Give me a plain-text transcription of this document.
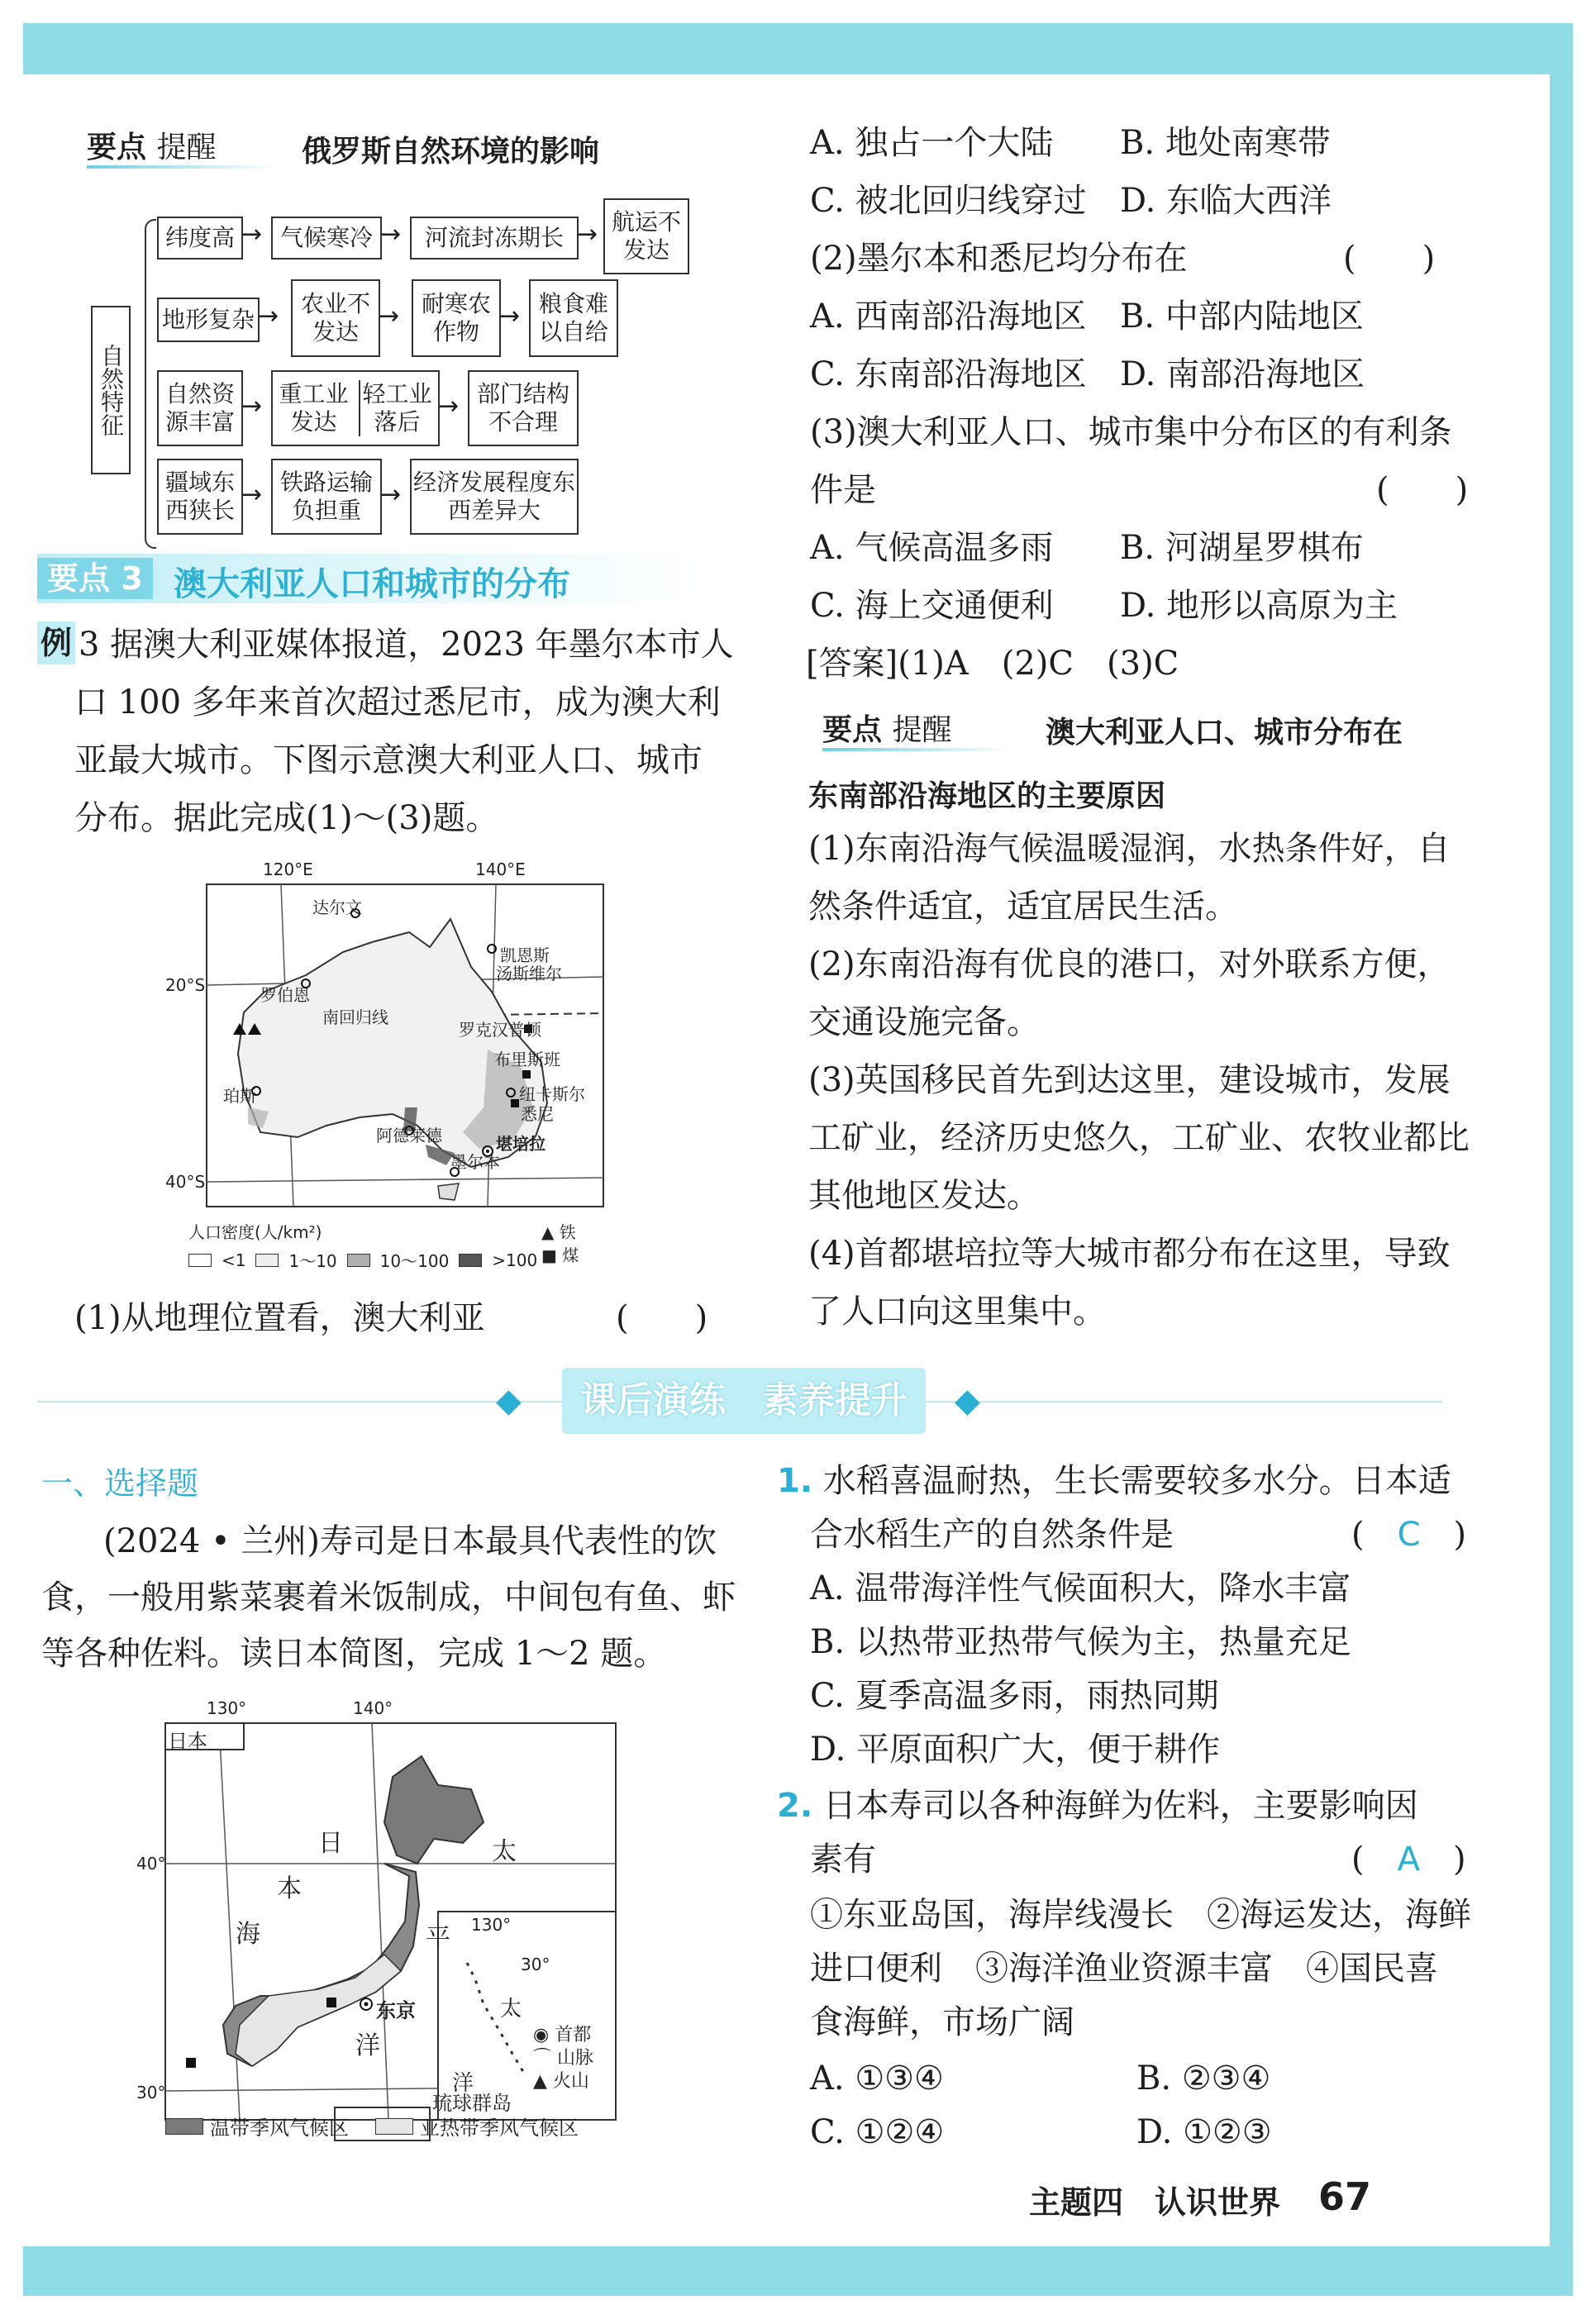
要点 提醒	俄罗斯自然环境的影响
自然特征
纬度高 → 气候寒冷 →	河流封冻期长 → 航运不发达
地形复杂 → 农业不发达
→ 耐寒农作物
→ 粮食难以自给
自然资源丰富
→ 重工业发达
轻工业落后
→ 部门结构不合理
疆域东西狭长
→ 铁路运输负担重
→ 经济发展程度东西差异大
要点 3 澳大利亚人口和城市的分布
例 3 据澳大利亚媒体报道，2023 年墨尔本市人
口 100 多年来首次超过悉尼市，成为澳大利
亚最大城市。下图示意澳大利亚人口、城市
分布。据此完成(1)～(3)题。
120°E	140°E
20°S
40°S
达尔文
凯恩斯
汤斯维尔
罗伯恩
南回归线
罗克汉普顿
布里斯班
纽卡斯尔
悉尼
珀斯
阿德莱德	堪培拉
墨尔本
人口密度(人/km²)
<1	1～10	10～100	>100
▲ 铁
■ 煤
(1)从地理位置看，澳大利亚	(　　)
A. 独占一个大陆 B. 地处南寒带
C. 被北回归线穿过 D. 东临大西洋
(2)墨尔本和悉尼均分布在	(　　)
A. 西南部沿海地区 B. 中部内陆地区
C. 东南部沿海地区 D. 南部沿海地区
(3)澳大利亚人口、城市集中分布区的有利条
件是	(　　)
A. 气候高温多雨 B. 河湖星罗棋布
C. 海上交通便利 D. 地形以高原为主
[答案](1)A　(2)C　(3)C
要点 提醒	澳大利亚人口、城市分布在
东南部沿海地区的主要原因
(1)东南沿海气候温暖湿润，水热条件好，自
然条件适宜，适宜居民生活。
(2)东南沿海有优良的港口，对外联系方便，
交通设施完备。
(3)英国移民首先到达这里，建设城市，发展
工矿业，经济历史悠久，工矿业、农牧业都比
其他地区发达。
(4)首都堪培拉等大城市都分布在这里，导致
了人口向这里集中。
◆	课后演练　素养提升	◆
一、选择题
(2024 • 兰州)寿司是日本最具代表性的饮
食，一般用紫菜裹着米饭制成，中间包有鱼、虾
等各种佐料。读日本简图，完成 1～2 题。
日本
130°	140°
40°
30°
130°
30°
日
本
海
太
平
洋
太
洋
东京
琉球群岛
◉ 首都
⌒ 山脉
▲ 火山
温带季风气候区	亚热带季风气候区
1. 水稻喜温耐热，生长需要较多水分。日本适
合水稻生产的自然条件是	(　C　)
A. 温带海洋性气候面积大，降水丰富
B. 以热带亚热带气候为主，热量充足
C. 夏季高温多雨，雨热同期
D. 平原面积广大，便于耕作
2. 日本寿司以各种海鲜为佐料，主要影响因
素有	(　A　)
①东亚岛国，海岸线漫长　②海运发达，海鲜
进口便利　③海洋渔业资源丰富　④国民喜
食海鲜，市场广阔
A. ①③④	B. ②③④
C. ①②④	D. ①②③
主题四　认识世界 67
